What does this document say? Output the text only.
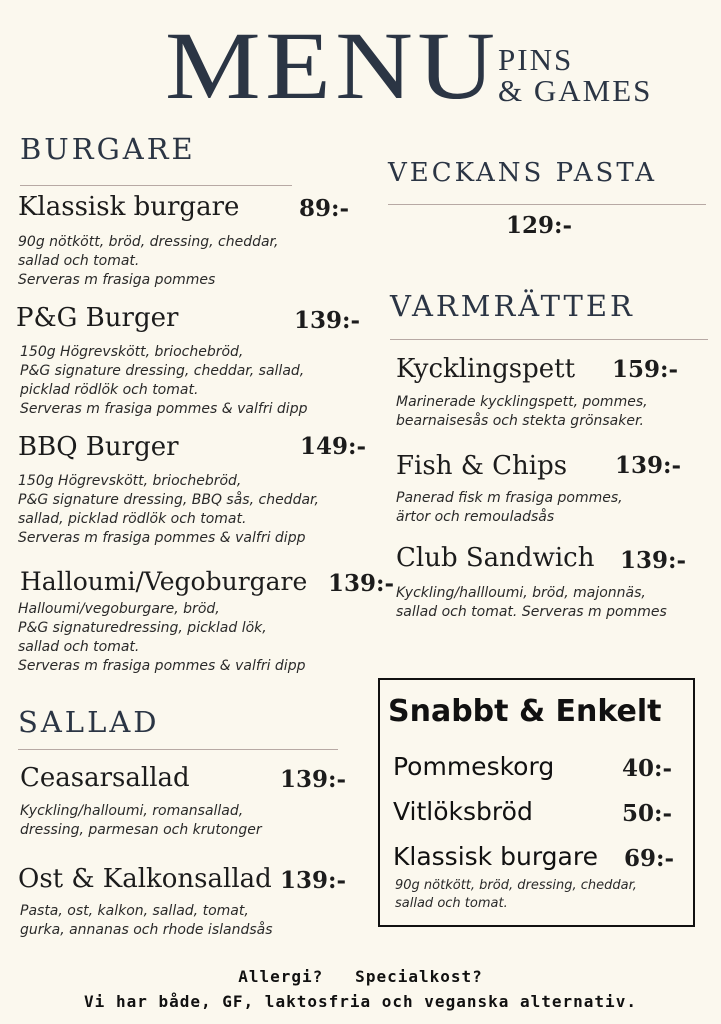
MENU
PINS
& GAMES
BURGARE
Klassisk burgare	89:-
90g nötkött, bröd, dressing, cheddar,
sallad och tomat.
Serveras m frasiga pommes
P&G Burger	139:-
150g Högrevskött, briochebröd,
P&G signature dressing, cheddar, sallad,
picklad rödlök och tomat.
Serveras m frasiga pommes & valfri dipp
BBQ Burger	149:-
150g Högrevskött, briochebröd,
P&G signature dressing, BBQ sås, cheddar,
sallad, picklad rödlök och tomat.
Serveras m frasiga pommes & valfri dipp
Halloumi/Vegoburgare 139:-
Halloumi/vegoburgare, bröd,
P&G signaturedressing, picklad lök,
sallad och tomat.
Serveras m frasiga pommes & valfri dipp
SALLAD
Ceasarsallad	139:-
Kyckling/halloumi, romansallad,
dressing, parmesan och krutonger
Ost & Kalkonsallad 139:-
Pasta, ost, kalkon, sallad, tomat,
gurka, annanas och rhode islandsås
VECKANS PASTA
129:-
VARMRÄTTER
Kycklingspett 159:-
Marinerade kycklingspett, pommes,
bearnaisesås och stekta grönsaker.
Fish & Chips 139:-
Panerad fisk m frasiga pommes,
ärtor och remouladsås
Club Sandwich 139:-
Kyckling/hallloumi, bröd, majonnäs,
sallad och tomat. Serveras m pommes
Snabbt & Enkelt
Pommeskorg	40:-
Vitlöksbröd	50:-
Klassisk burgare 69:-
90g nötkött, bröd, dressing, cheddar,
sallad och tomat.
Allergi?   Specialkost?
Vi har både, GF, laktosfria och veganska alternativ.
